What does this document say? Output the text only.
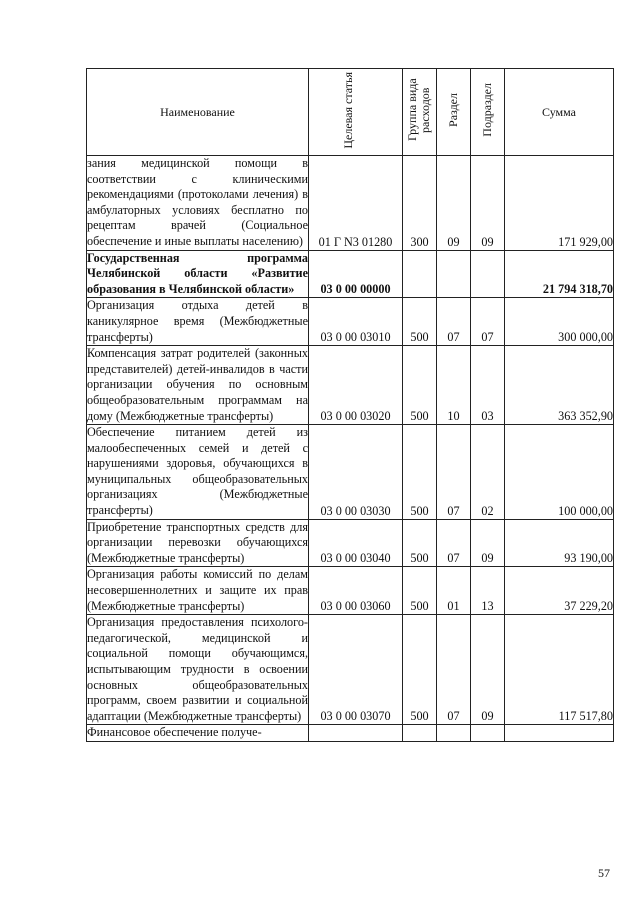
Наименование	Целевая статья	Группа вида расходов	Раздел	Подраздел	Сумма
зания медицинской помощи в соответствии с клиническими рекомендациями (протоколами лечения) в амбулаторных условиях бесплатно по рецептам врачей (Социальное обеспечение и иные выплаты населению)	01 Г N3 01280	300	09	09	171 929,00
Государственная программа Челябинской области «Развитие образования в Челябинской области»	03 0 00 00000				21 794 318,70
Организация отдыха детей в каникулярное время (Межбюджетные трансферты)	03 0 00 03010	500	07	07	300 000,00
Компенсация затрат родителей (законных представителей) детей-инвалидов в части организации обучения по основным общеобразовательным программам на дому (Межбюджетные трансферты)	03 0 00 03020	500	10	03	363 352,90
Обеспечение питанием детей из малообеспеченных семей и детей с нарушениями здоровья, обучающихся в муниципальных общеобразовательных организациях (Межбюджетные трансферты)	03 0 00 03030	500	07	02	100 000,00
Приобретение транспортных средств для организации перевозки обучающихся (Межбюджетные трансферты)	03 0 00 03040	500	07	09	93 190,00
Организация работы комиссий по делам несовершеннолетних и защите их прав (Межбюджетные трансферты)	03 0 00 03060	500	01	13	37 229,20
Организация предоставления психолого-педагогической, медицинской и социальной помощи обучающимся, испытывающим трудности в освоении основных общеобразовательных программ, своем развитии и социальной адаптации (Межбюджетные трансферты)	03 0 00 03070	500	07	09	117 517,80
Финансовое обеспечение получе-					
57
